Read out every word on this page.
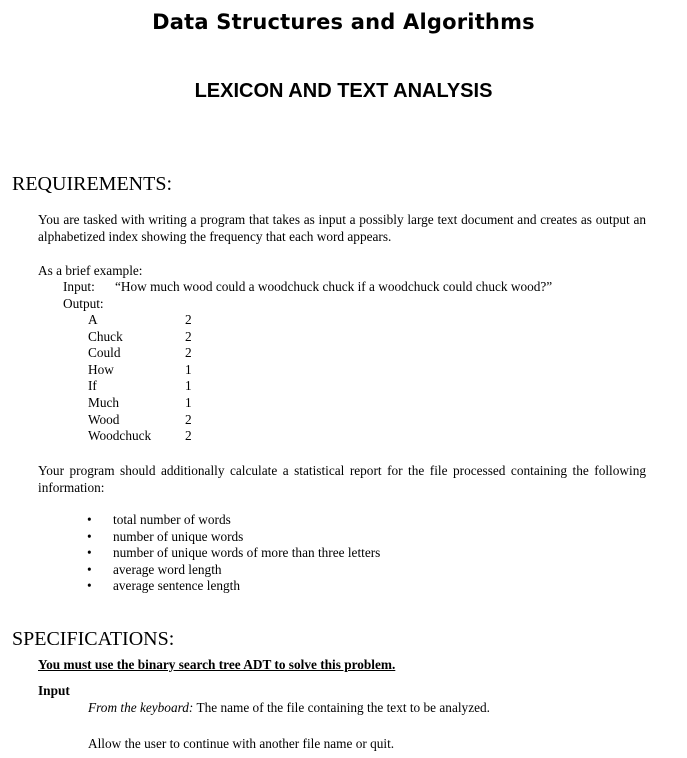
Data Structures and Algorithms
LEXICON AND TEXT ANALYSIS
REQUIREMENTS:

You are tasked with writing a program that takes as input a possibly large text document and creates as output an alphabetized index showing the frequency that each word appears.

As a brief example:
Input: “How much wood could a woodchuck chuck if a woodchuck could chuck wood?”
Output:
A	2
Chuck	2
Could	2
How	1
If	1
Much	1
Wood	2
Woodchuck	2

Your program should additionally calculate a statistical report for the file processed containing the following information:

• total number of words
• number of unique words
• number of unique words of more than three letters
• average word length
• average sentence length
SPECIFICATIONS:
You must use the binary search tree ADT to solve this problem.
Input
From the keyboard: The name of the file containing the text to be analyzed.
Allow the user to continue with another file name or quit.
